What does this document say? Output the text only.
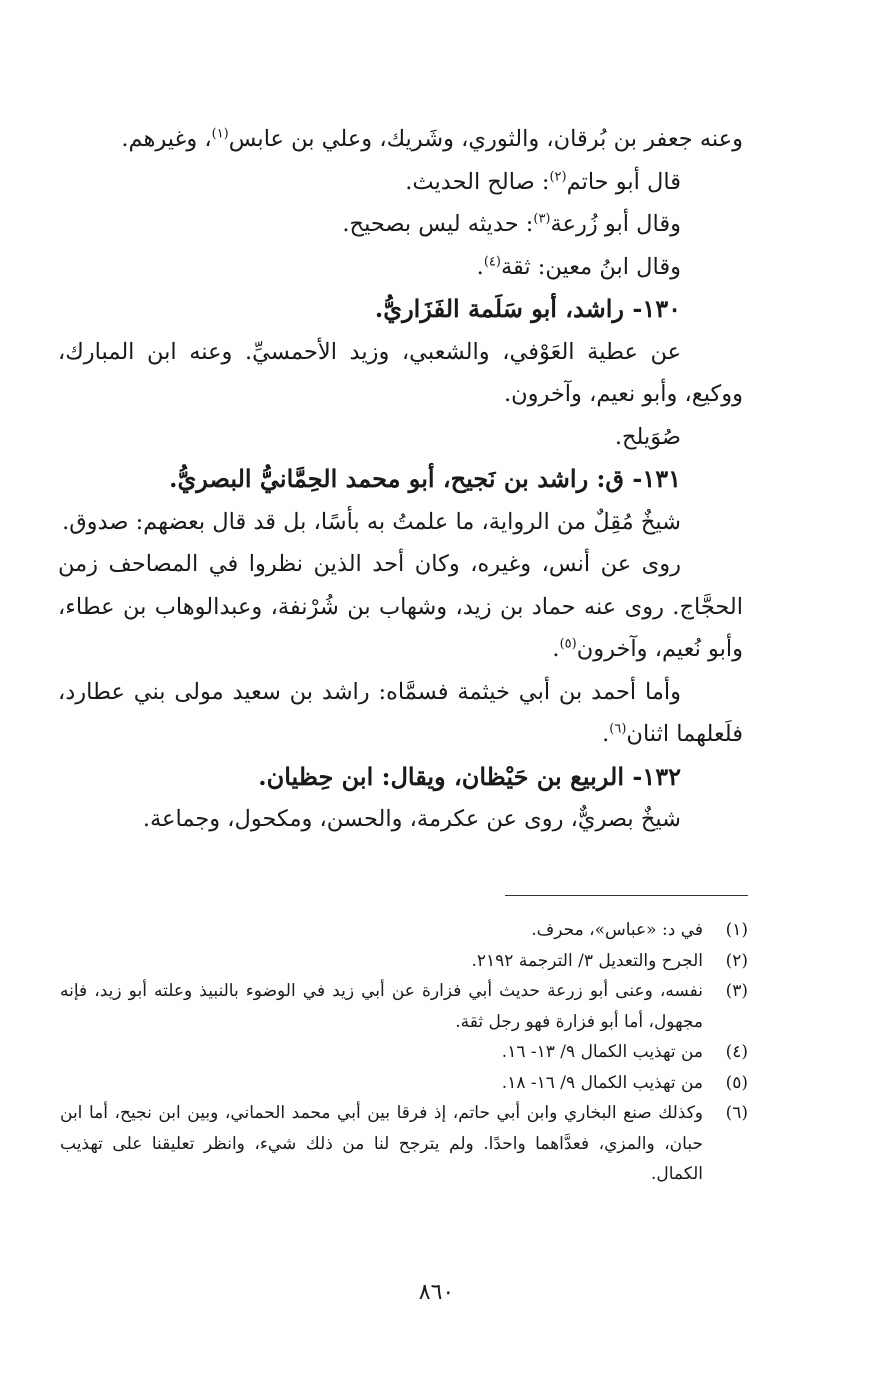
وعنه جعفر بن بُرقان، والثوري، وشَريك، وعلي بن عابس$^{(١)}$، وغيرهم.

قال أبو حاتم$^{(٢)}$: صالح الحديث.

وقال أبو زُرعة$^{(٣)}$: حديثه ليس بصحيح.

وقال ابنُ معين: ثقة$^{(٤)}$.

١٣٠- راشد، أبو سَلَمة الفَزَاريُّ.

عن عطية العَوْفي، والشعبي، وزيد الأحمسيِّ. وعنه ابن المبارك، ووكيع، وأبو نعيم، وآخرون.

صُوَيلح.

١٣١- ق: راشد بن نَجيح، أبو محمد الحِمَّانيُّ البصريُّ.

شيخٌ مُقِلٌ من الرواية، ما علمتُ به بأسًا، بل قد قال بعضهم: صدوق.

روى عن أنس، وغيره، وكان أحد الذين نظروا في المصاحف زمن الحجَّاج. روى عنه حماد بن زيد، وشهاب بن شُرْنفة، وعبدالوهاب بن عطاء، وأبو نُعيم، وآخرون$^{(٥)}$.

وأما أحمد بن أبي خيثمة فسمَّاه: راشد بن سعيد مولى بني عطارد، فلَعلهما اثنان$^{(٦)}$.

١٣٢- الربيع بن حَيْظان، ويقال: ابن حِظيان.

شيخٌ بصريٌّ، روى عن عكرمة، والحسن، ومكحول، وجماعة.

(١)
في د: «عباس»، محرف.
(٢)
الجرح والتعديل ٣/ الترجمة ٢١٩٢.
(٣)
نفسه، وعنى أبو زرعة حديث أبي فزارة عن أبي زيد في الوضوء بالنبيذ وعلته أبو زيد، فإنه مجهول، أما أبو فزارة فهو رجل ثقة.
(٤)
من تهذيب الكمال ٩/ ١٣- ١٦.
(٥)
من تهذيب الكمال ٩/ ١٦- ١٨.
(٦)
وكذلك صنع البخاري وابن أبي حاتم، إذ فرقا بين أبي محمد الحماني، وبين ابن نجيح، أما ابن حبان، والمزي، فعدَّاهما واحدًا. ولم يترجح لنا من ذلك شيء، وانظر تعليقنا على تهذيب الكمال.
٨٦٠
